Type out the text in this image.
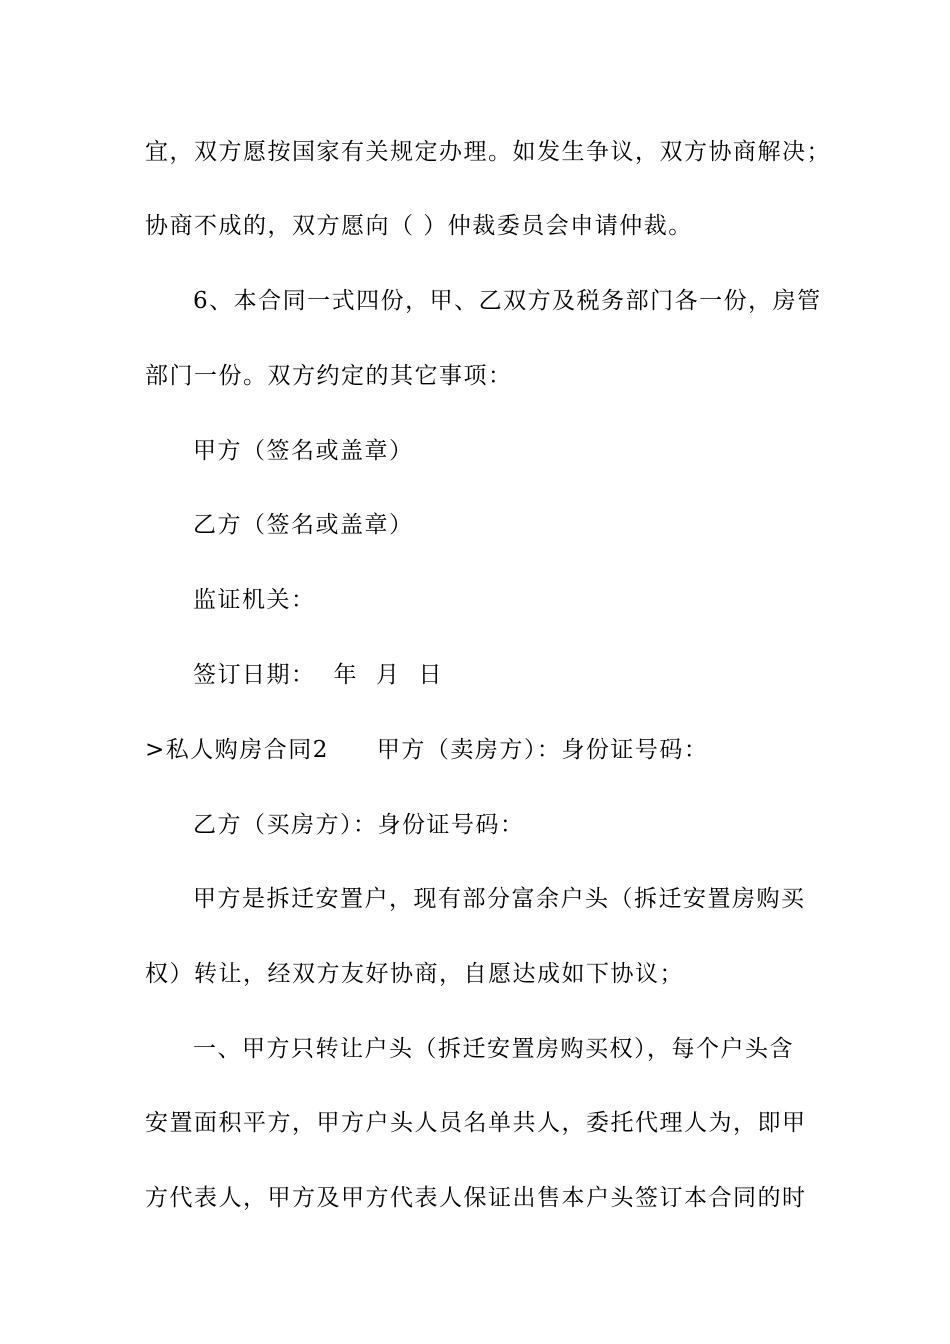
宜，双方愿按国家有关规定办理。如发生争议，双方协商解决；
协商不成的，双方愿向（ ）仲裁委员会申请仲裁。
6、本合同一式四份，甲、乙双方及税务部门各一份，房管
部门一份。双方约定的其它事项：
甲方（签名或盖章）
乙方（签名或盖章）
监证机关：
签订日期： 年 月 日
>私人购房合同2 甲方（卖房方）：身份证号码：
乙方（买房方）：身份证号码：
甲方是拆迁安置户，现有部分富余户头（拆迁安置房购买
权）转让，经双方友好协商，自愿达成如下协议；
一、甲方只转让户头（拆迁安置房购买权），每个户头含
安置面积平方，甲方户头人员名单共人，委托代理人为，即甲
方代表人，甲方及甲方代表人保证出售本户头签订本合同的时
